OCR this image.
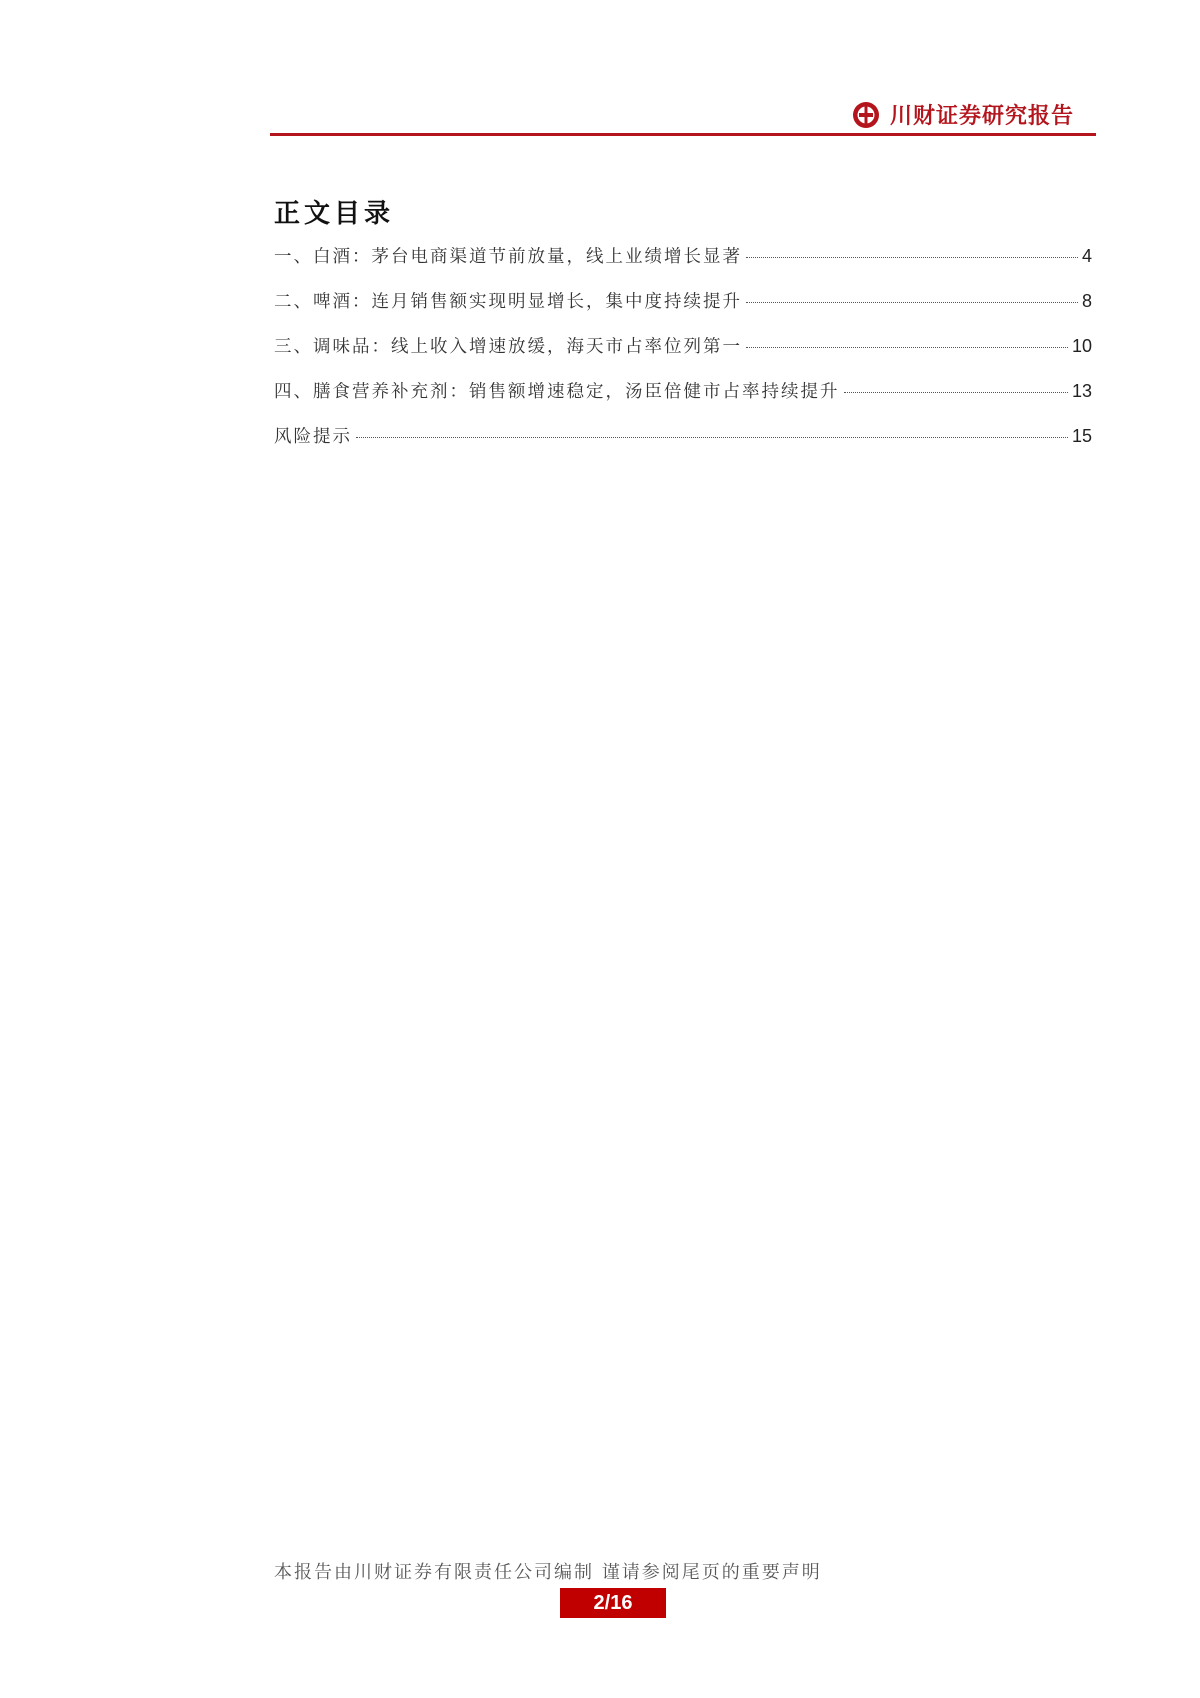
川财证券研究报告
正文目录
一、白酒：茅台电商渠道节前放量，线上业绩增长显著	4
二、啤酒：连月销售额实现明显增长，集中度持续提升	8
三、调味品：线上收入增速放缓，海天市占率位列第一	10
四、膳食营养补充剂：销售额增速稳定，汤臣倍健市占率持续提升	13
风险提示	15
本报告由川财证券有限责任公司编制 谨请参阅尾页的重要声明
2/16
